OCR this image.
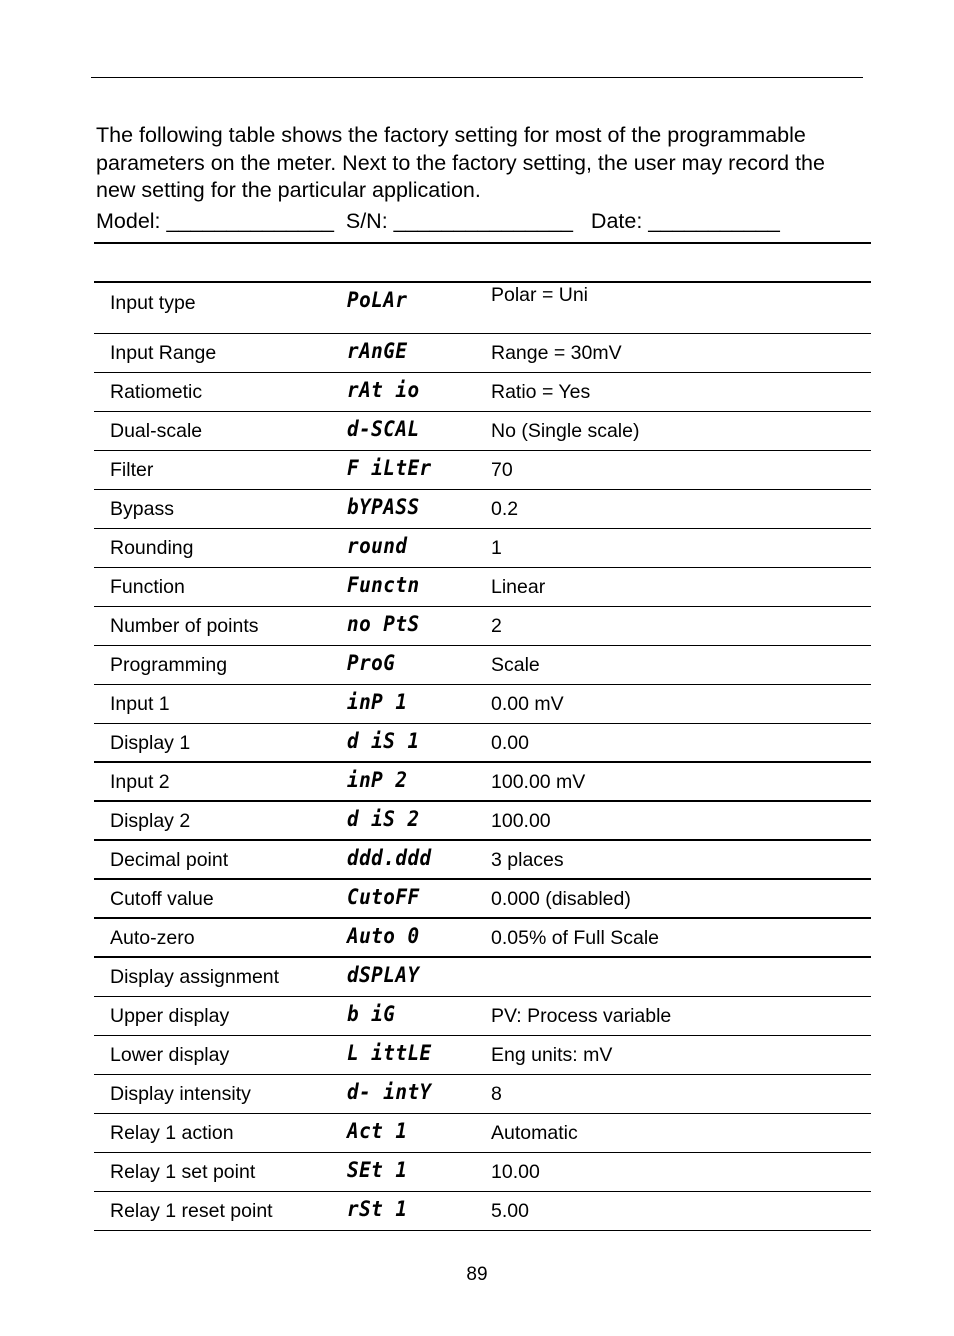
The following table shows the factory setting for most of the programmable parameters on the meter. Next to the factory setting, the user may record the new setting for the particular application.

Model: ______________  S/N: _______________   Date: ___________
Input type	PoLAr	Polar = Uni
Input Range	rAnGE	Range = 30mV
Ratiometic	rAt io	Ratio = Yes
Dual-scale	d-SCAL	No (Single scale)
Filter	F iLtEr	70
Bypass	bYPASS	0.2
Rounding	round	1
Function	Functn	Linear
Number of points	no PtS	2
Programming	ProG	Scale
Input 1	inP 1	0.00 mV
Display 1	d iS 1	0.00
Input 2	inP 2	100.00 mV
Display 2	d iS 2	100.00
Decimal point	ddd.ddd	3 places
Cutoff value	CutoFF	0.000 (disabled)
Auto-zero	Auto 0	0.05% of Full Scale
Display assignment	dSPLAY
Upper display	b iG	PV: Process variable
Lower display	L ittLE	Eng units: mV
Display intensity	d- intY	8
Relay 1 action	Act 1	Automatic
Relay 1 set point	SEt 1	10.00
Relay 1 reset point	rSt 1	5.00
89
